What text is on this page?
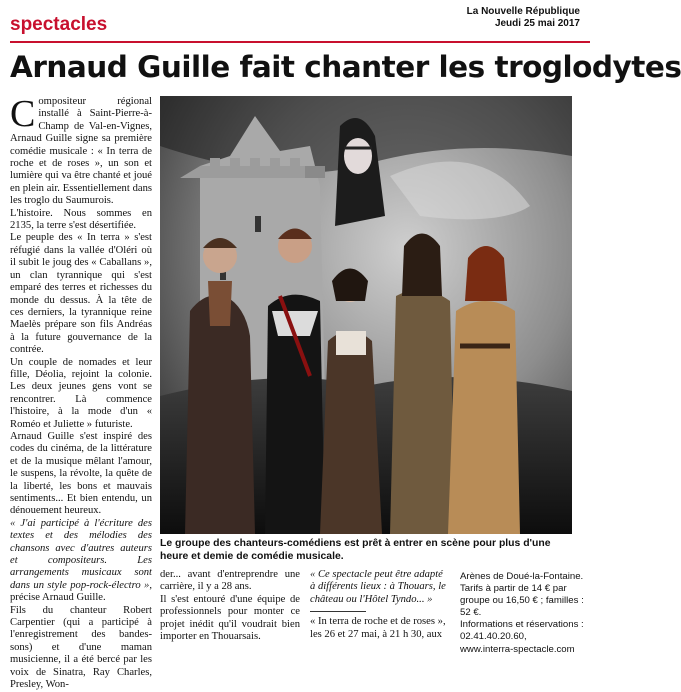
spectacles
La Nouvelle République
Jeudi 25 mai 2017
Arnaud Guille fait chanter les troglodytes

Compositeur régional installé à Saint-Pierre-à-Champ de Val-en-Vignes, Arnaud Guille signe sa première comédie musicale : « In terra de roche et de roses », un son et lumière qui va être chanté et joué en plein air. Essentiellement dans les troglo du Saumurois.

L'histoire. Nous sommes en 2135, la terre s'est désertifiée.

Le peuple des « In terra » s'est réfugié dans la vallée d'Oléri où il subit le joug des « Caballans », un clan tyrannique qui s'est emparé des terres et richesses du monde du dessus. À la tête de ces derniers, la tyrannique reine Maelès prépare son fils Andréas à la future gouvernance de la contrée.

Un couple de nomades et leur fille, Déolia, rejoint la colonie. Les deux jeunes gens vont se rencontrer. Là commence l'histoire, à la mode d'un « Roméo et Juliette » futuriste.

Arnaud Guille s'est inspiré des codes du cinéma, de la littérature et de la musique mêlant l'amour, le suspens, la révolte, la quête de la liberté, les bons et mauvais sentiments... Et bien entendu, un dénouement heureux.

« J'ai participé à l'écriture des textes et des mélodies des chansons avec d'autres auteurs et compositeurs. Les arrangements musicaux sont dans un style pop-rock-électro », précise Arnaud Guille.

Fils du chanteur Robert Carpentier (qui a participé à l'enregistrement des bandes-sons) et d'une maman musicienne, il a été bercé par les voix de Sinatra, Ray Charles, Presley, Won-

Le groupe des chanteurs-comédiens est prêt à entrer en scène pour plus d'une heure et demie de comédie musicale.

der... avant d'entreprendre une carrière, il y a 28 ans.

Il s'est entouré d'une équipe de professionnels pour monter ce projet inédit qu'il voudrait bien importer en Thouarsais.

« Ce spectacle peut être adapté à différents lieux : à Thouars, le château ou l'Hôtel Tyndo... »

« In terra de roche et de roses », les 26 et 27 mai, à 21 h 30, aux

Arènes de Doué-la-Fontaine.

Tarifs à partir de 14 € par groupe ou 16,50 € ; familles : 52 €.

Informations et réservations :

02.41.40.20.60,

www.interra-spectacle.com
